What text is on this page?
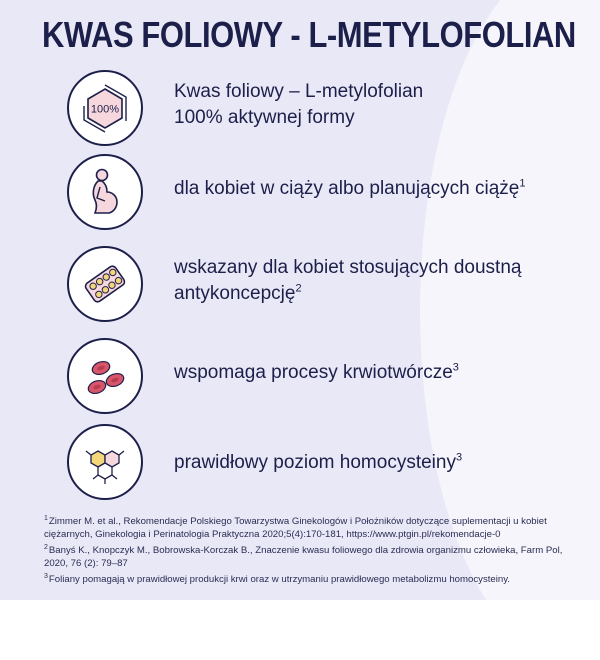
KWAS FOLIOWY - L-METYLOFOLIAN
100%
Kwas foliowy – L-metylofolian
100% aktywnej formy
dla kobiet w ciąży albo planujących ciążę$^1$
wskazany dla kobiet stosujących doustną
antykoncepcję$^2$
wspomaga procesy krwiotwórcze$^3$
prawidłowy poziom homocysteiny$^3$

$^1$Zimmer M. et al., Rekomendacje Polskiego Towarzystwa Ginekologów i Położników dotyczące suplementacji u kobiet ciężarnych, Ginekologia i Perinatologia Praktyczna 2020;5(4):170-181, https://www.ptgin.pl/rekomendacje-0

$^2$Banyś K., Knopczyk M., Bobrowska-Korczak B., Znaczenie kwasu foliowego dla zdrowia organizmu człowieka, Farm Pol, 2020, 76 (2): 79–87

$^3$Foliany pomagają w prawidłowej produkcji krwi oraz w utrzymaniu prawidłowego metabolizmu homocysteiny.
